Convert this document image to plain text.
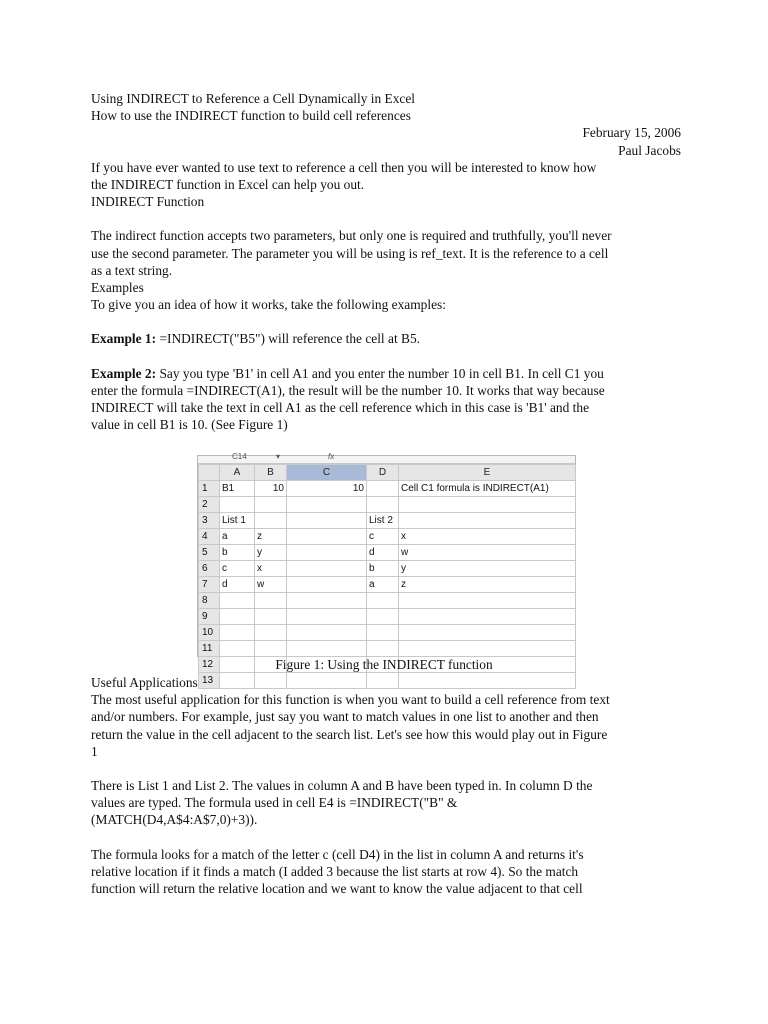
Using INDIRECT to Reference a Cell Dynamically in Excel
How to use the INDIRECT function to build cell references
February 15, 2006
Paul Jacobs
If you have ever wanted to use text to reference a cell then you will be interested to know how
the INDIRECT function in Excel can help you out.
INDIRECT Function
The indirect function accepts two parameters, but only one is required and truthfully, you'll never
use the second parameter. The parameter you will be using is ref_text. It is the reference to a cell
as a text string.
Examples
To give you an idea of how it works, take the following examples:
Example 1: =INDIRECT("B5") will reference the cell at B5.
Example 2: Say you type 'B1' in cell A1 and you enter the number 10 in cell B1. In cell C1 you
enter the formula =INDIRECT(A1), the result will be the number 10. It works that way because
INDIRECT will take the text in cell A1 as the cell reference which in this case is 'B1' and the
value in cell B1 is 10. (See Figure 1)
C14	▾	fx
	A	B	C	D	E
1	B1	10	10		Cell C1 formula is INDIRECT(A1)
2					
3	List 1			List 2	
4	a	z		c	x
5	b	y		d	w
6	c	x		b	y
7	d	w		a	z
8					
9					
10					
11					
12					
13					
Figure 1: Using the INDIRECT function
Useful Applications
The most useful application for this function is when you want to build a cell reference from text
and/or numbers. For example, just say you want to match values in one list to another and then
return the value in the cell adjacent to the search list. Let's see how this would play out in Figure
1
There is List 1 and List 2. The values in column A and B have been typed in. In column D the
values are typed. The formula used in cell E4 is =INDIRECT("B" &
(MATCH(D4,A$4:A$7,0)+3)).
The formula looks for a match of the letter c (cell D4) in the list in column A and returns it's
relative location if it finds a match (I added 3 because the list starts at row 4). So the match
function will return the relative location and we want to know the value adjacent to that cell
